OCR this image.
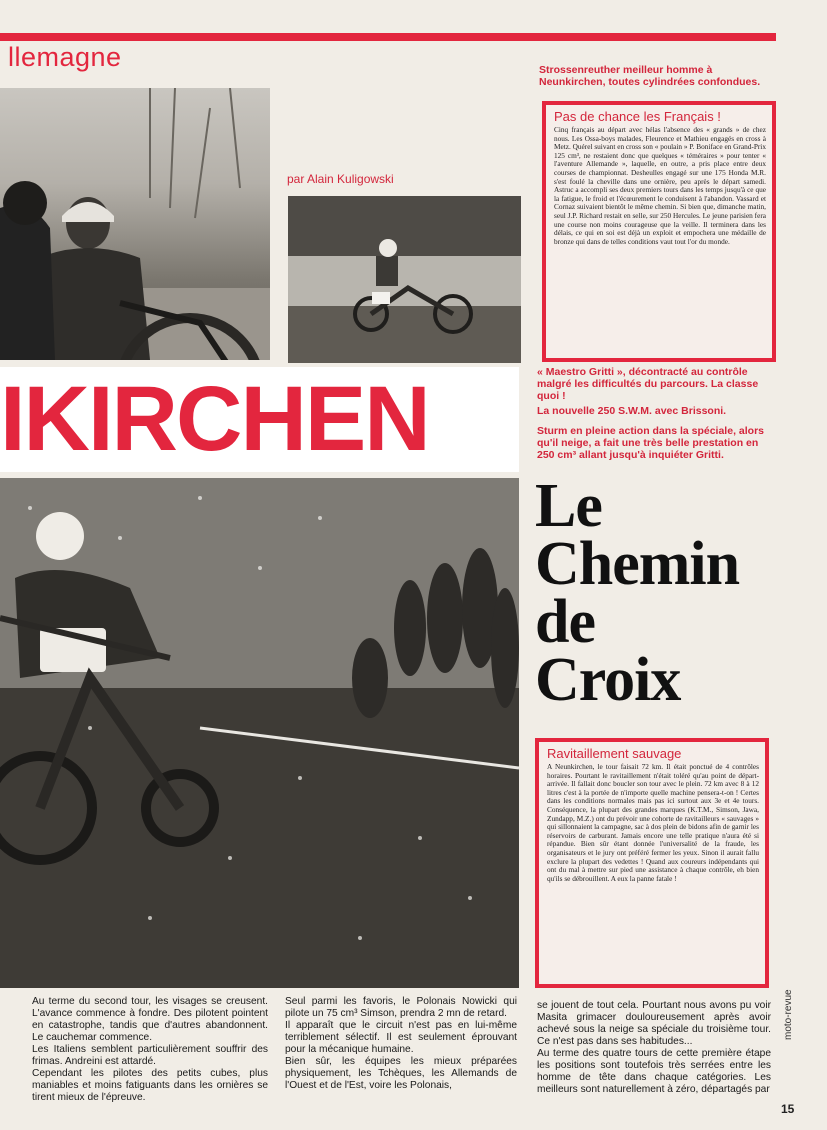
llemagne
par Alain Kuligowski
IKIRCHEN
Strossenreuther meilleur homme à Neunkirchen, toutes cylindrées confondues.
« Maestro Gritti », décontracté au contrôle malgré les difficultés du parcours. La classe quoi !
La nouvelle 250 S.W.M. avec Brissoni.
Sturm en pleine action dans la spéciale, alors qu'il neige, a fait une très belle prestation en 250 cm³ allant jusqu'à inquiéter Gritti.
Pas de chance les Français !
Cinq français au départ avec hélas l'absence des « grands » de chez nous. Les Ossa-boys malades, Fleurence et Mathieu engagés en cross à Metz. Quérel suivant en cross son « poulain » P. Boniface en Grand-Prix 125 cm³, ne restaient donc que quelques « téméraires » pour tenter « l'aventure Allemande », laquelle, en outre, a pris place entre deux courses de championnat. Desheulles engagé sur une 175 Honda M.R. s'est foulé la cheville dans une ornière, peu après le départ samedi. Astruc a accompli ses deux premiers tours dans les temps jusqu'à ce que la fatigue, le froid et l'écœurement le conduisent à l'abandon. Vassard et Cornaz suivaient bientôt le même chemin. Si bien que, dimanche matin, seul J.P. Richard restait en selle, sur 250 Hercules. Le jeune parisien fera une course non moins courageuse que la veille. Il terminera dans les délais, ce qui en soi est déjà un exploit et empochera une médaille de bronze qui dans de telles conditions vaut tout l'or du monde.
Le
Chemin
de
Croix
Ravitaillement sauvage
A Neunkirchen, le tour faisait 72 km. Il était ponctué de 4 contrôles horaires. Pourtant le ravitaillement n'était toléré qu'au point de départ-arrivée. Il fallait donc boucler son tour avec le plein. 72 km avec 8 à 12 litres c'est à la portée de n'importe quelle machine pensera-t-on ! Certes dans les conditions normales mais pas ici surtout aux 3e et 4e tours. Conséquence, la plupart des grandes marques (K.T.M., Simson, Jawa, Zundapp, M.Z.) ont du prévoir une cohorte de ravitailleurs « sauvages » qui sillonnaient la campagne, sac à dos plein de bidons afin de garnir les réservoirs de carburant. Jamais encore une telle pratique n'aura été si répandue. Bien sûr étant donnée l'universalité de la fraude, les organisateurs et le jury ont préféré fermer les yeux. Sinon il aurait fallu exclure la plupart des vedettes ! Quand aux coureurs indépendants qui ont du mal à mettre sur pied une assistance à chaque contrôle, eh bien qu'ils se débrouillent. A eux la panne fatale !

Au terme du second tour, les visages se creusent. L'avance commence à fondre. Des pilotent pointent en catastrophe, tandis que d'autres abandonnent. Le cauchemar commence.

Les Italiens semblent particulièrement souffrir des frimas. Andreini est attardé.

Cependant les pilotes des petits cubes, plus maniables et moins fatiguants dans les ornières se tirent mieux de l'épreuve.

Seul parmi les favoris, le Polonais Nowicki qui pilote un 75 cm³ Simson, prendra 2 mn de retard.

Il apparaît que le circuit n'est pas en lui-même terriblement sélectif. Il est seulement éprouvant pour la mécanique humaine.

Bien sûr, les équipes les mieux préparées physiquement, les Tchèques, les Allemands de l'Ouest et de l'Est, voire les Polonais,

se jouent de tout cela. Pourtant nous avons pu voir Masita grimacer douloureusement après avoir achevé sous la neige sa spéciale du troisième tour. Ce n'est pas dans ses habitudes...

Au terme des quatre tours de cette première étape les positions sont toutefois très serrées entre les homme de tête dans chaque catégories. Les meilleurs sont naturellement à zéro, départagés par

moto-revue
15
